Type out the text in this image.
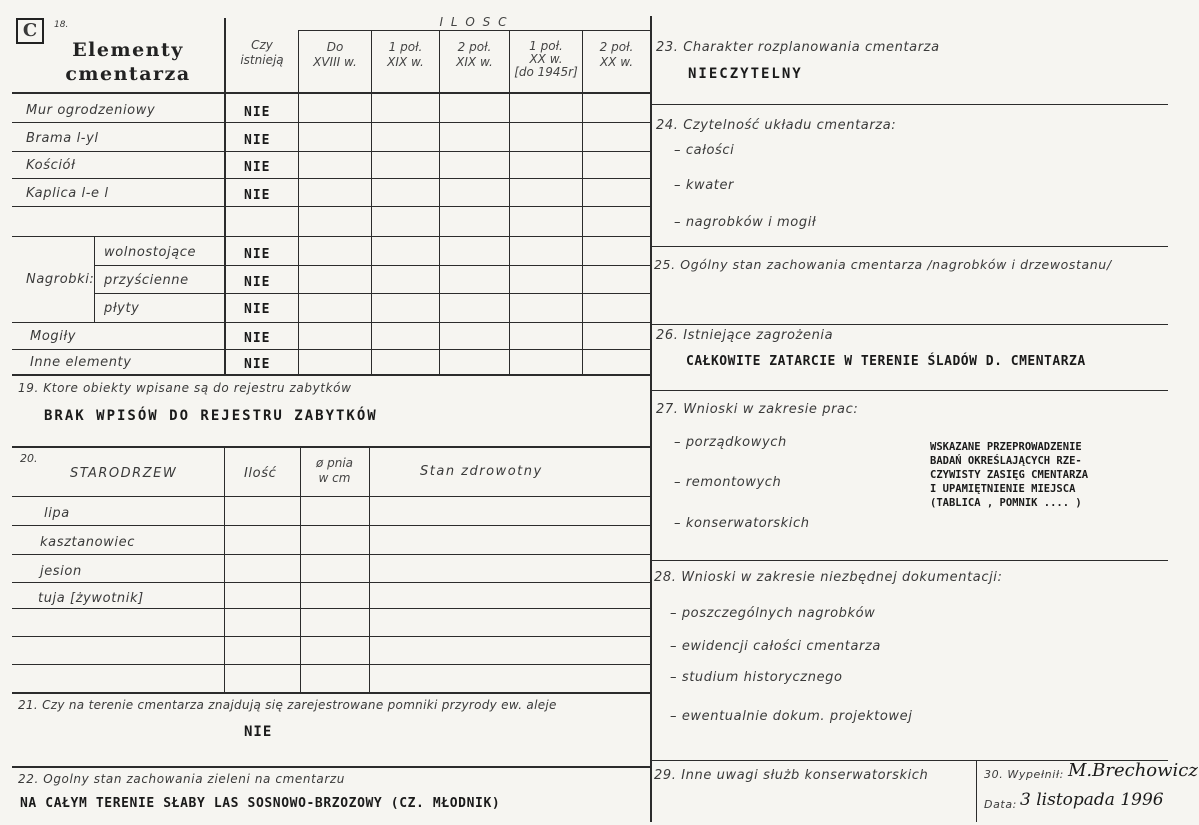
C	18.
Elementy
cmentarza
Czy
istnieją
I L O S C
Do
XVIII w.
1 poł.
XIX w.
2 poł.
XIX w.
1 poł.
XX w.
[do 1945r]
2 poł.
XX w.
Mur ogrodzeniowy	NIE
Brama l-yl	NIE
Kościół	NIE
Kaplica l-e l	NIE
Nagrobki:
wolnostojące	NIE
przyścienne	NIE
płyty	NIE
Mogiły	NIE
Inne elementy	NIE
19. Ktore obiekty wpisane są do rejestru zabytków
BRAK WPISÓW DO REJESTRU ZABYTKÓW
20.
STARODRZEW	Ilość
ø pnia
w cm	Stan zdrowotny
lipa
kasztanowiec
jesion
tuja [żywotnik]
21. Czy na terenie cmentarza znajdują się zarejestrowane pomniki przyrody ew. aleje
NIE
22. Ogolny stan zachowania zieleni na cmentarzu
NA CAŁYM TERENIE SŁABY LAS SOSNOWO-BRZOZOWY (CZ. MŁODNIK)
23. Charakter rozplanowania cmentarza
NIECZYTELNY
24. Czytelność układu cmentarza:
– całości
– kwater
– nagrobków i mogił
25. Ogólny stan zachowania cmentarza /nagrobków i drzewostanu/
26. Istniejące zagrożenia
CAŁKOWITE ZATARCIE W TERENIE ŚLADÓW D. CMENTARZA
27. Wnioski w zakresie prac:
– porządkowych
– remontowych
– konserwatorskich
WSKAZANE PRZEPROWADZENIE
BADAŃ OKREŚLAJĄCYCH RZE-
CZYWISTY ZASIĘG CMENTARZA
I UPAMIĘTNIENIE MIEJSCA
(TABLICA , POMNIK .... )
28. Wnioski w zakresie niezbędnej dokumentacji:
– poszczególnych nagrobków
– ewidencji całości cmentarza
– studium historycznego
– ewentualnie dokum. projektowej
29. Inne uwagi służb konserwatorskich	30. Wypełnił: M.Brechowicz
Data: 3 listopada 1996
